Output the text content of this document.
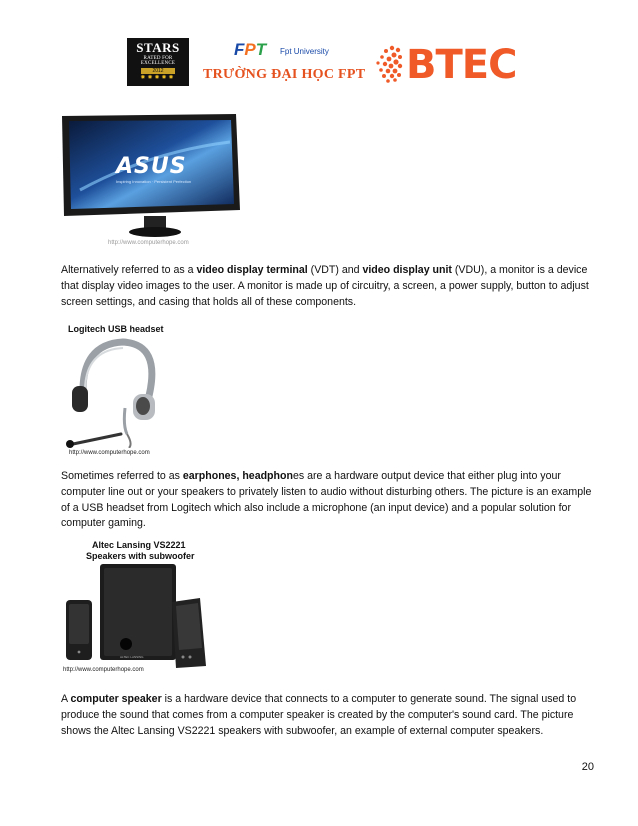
STARS
RATED FOR EXCELLENCE
2012
✸✸✸✸✸
FPT Fpt University
TRƯỜNG ĐẠI HỌC FPT BTEC
ASUS
Inspiring Innovation · Persistent Perfection
http://www.computerhope.com

Alternatively referred to as a video display terminal (VDT) and video display unit (VDU), a monitor is a device that display video images to the user. A monitor is made up of circuitry, a screen, a power supply, button to adjust screen settings, and casing that holds all of these components.

Logitech USB headset
http://www.computerhope.com

Sometimes referred to as earphones, headphones are a hardware output device that either plug into your computer line out or your speakers to privately listen to audio without disturbing others. The picture is an example of a USB headset from Logitech which also include a microphone (an input device) and a popular solution for computer gaming.

Altec Lansing VS2221
Speakers with subwoofer
ALTEC LANSING
http://www.computerhope.com

A computer speaker is a hardware device that connects to a computer to generate sound. The signal used to produce the sound that comes from a computer speaker is created by the computer's sound card. The picture shows the Altec Lansing VS2221 speakers with subwoofer, an example of external computer speakers.

20
